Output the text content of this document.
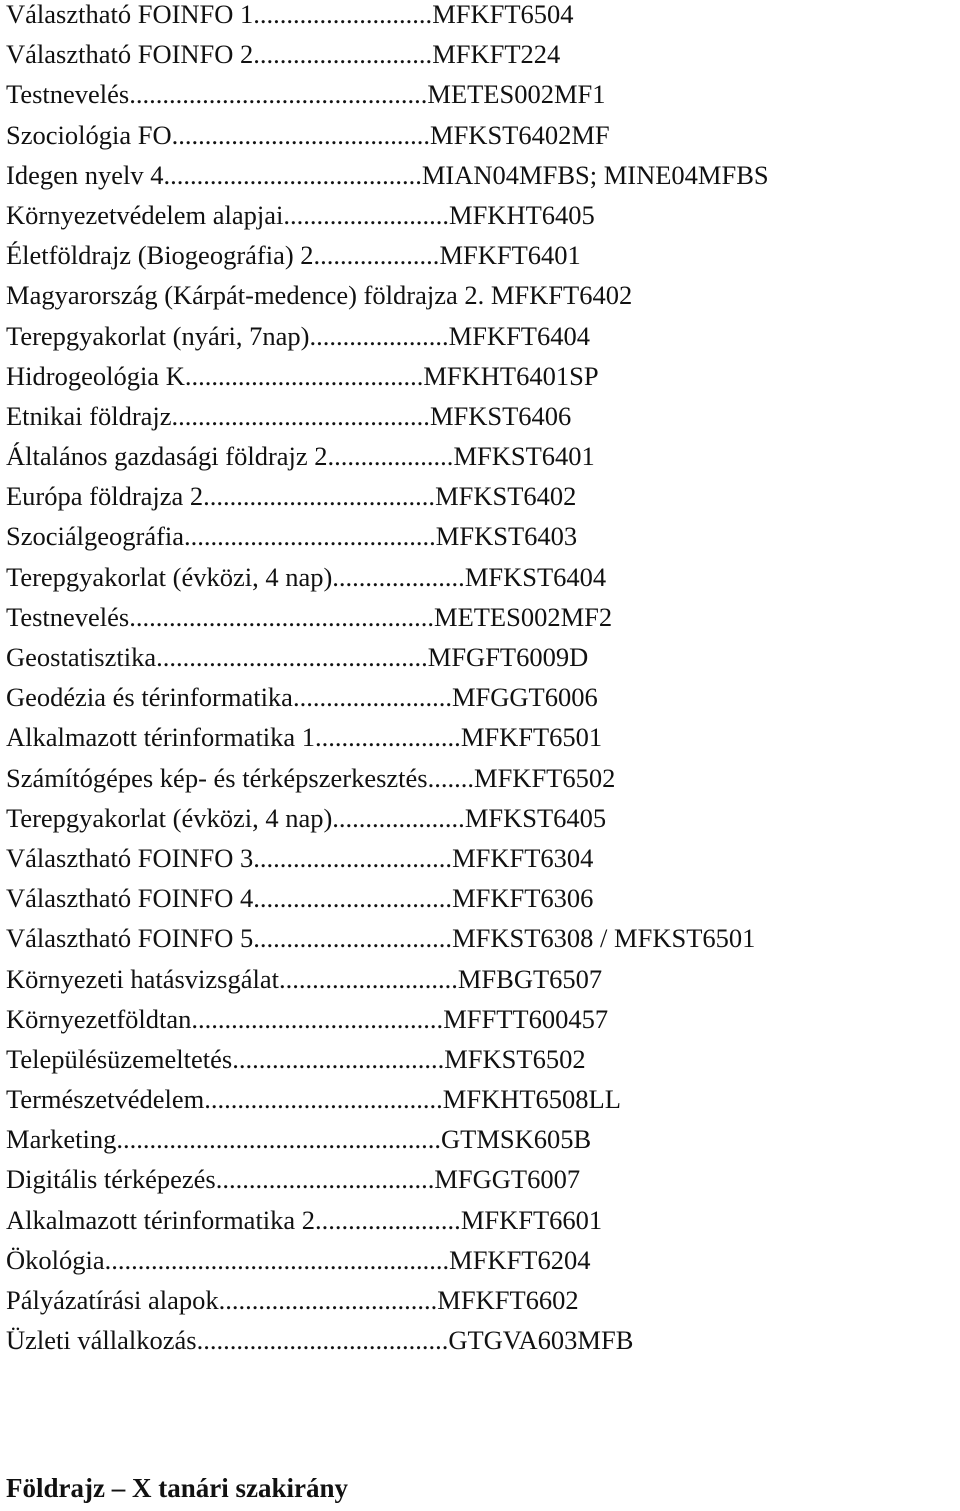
Választható FOINFO 1...........................MFKFT6504
Választható FOINFO 2...........................MFKFT224
Testnevelés.............................................METES002MF1
Szociológia FO.......................................MFKST6402MF
Idegen nyelv 4.......................................MIAN04MFBS; MINE04MFBS
Környezetvédelem alapjai.........................MFKHT6405
Életföldrajz (Biogeográfia) 2...................MFKFT6401
Magyarország (Kárpát-medence) földrajza 2. MFKFT6402
Terepgyakorlat (nyári, 7nap).....................MFKFT6404
Hidrogeológia K....................................MFKHT6401SP
Etnikai földrajz.......................................MFKST6406
Általános gazdasági földrajz 2...................MFKST6401
Európa földrajza 2...................................MFKST6402
Szociálgeográfia......................................MFKST6403
Terepgyakorlat (évközi, 4 nap)....................MFKST6404
Testnevelés..............................................METES002MF2
Geostatisztika.........................................MFGFT6009D
Geodézia és térinformatika........................MFGGT6006
Alkalmazott térinformatika 1......................MFKFT6501
Számítógépes kép- és térképszerkesztés.......MFKFT6502
Terepgyakorlat (évközi, 4 nap)....................MFKST6405
Választható FOINFO 3..............................MFKFT6304
Választható FOINFO 4..............................MFKFT6306
Választható FOINFO 5..............................MFKST6308 / MFKST6501
Környezeti hatásvizsgálat...........................MFBGT6507
Környezetföldtan......................................MFFTT600457
Településüzemeltetés................................MFKST6502
Természetvédelem....................................MFKHT6508LL
Marketing.................................................GTMSK605B
Digitális térképezés.................................MFGGT6007
Alkalmazott térinformatika 2......................MFKFT6601
Ökológia....................................................MFKFT6204
Pályázatírási alapok.................................MFKFT6602
Üzleti vállalkozás......................................GTGVA603MFB
Földrajz – X tanári szakirány
